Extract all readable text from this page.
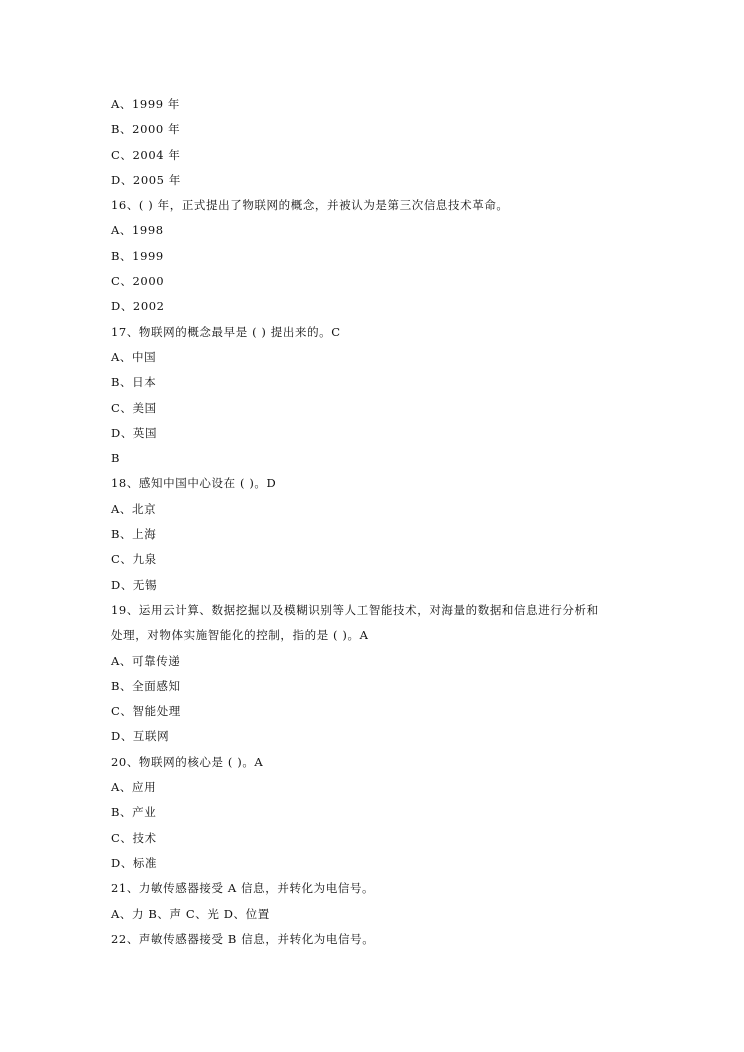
A、1999 年
B、2000 年
C、2004 年
D、2005 年
16、( ) 年，正式提出了物联网的概念，并被认为是第三次信息技术革命。
A、1998
B、1999
C、2000
D、2002
17、物联网的概念最早是 ( ) 提出来的。C
A、中国
B、日本
C、美国
D、英国
B
18、感知中国中心设在 ( )。D
A、北京
B、上海
C、九泉
D、无锡
19、运用云计算、数据挖掘以及模糊识别等人工智能技术，对海量的数据和信息进行分析和
处理，对物体实施智能化的控制，指的是 ( )。A
A、可靠传递
B、全面感知
C、智能处理
D、互联网
20、物联网的核心是 ( )。A
A、应用
B、产业
C、技术
D、标准
21、力敏传感器接受 A 信息，并转化为电信号。
A、力 B、声 C、光 D、位置
22、声敏传感器接受 B 信息，并转化为电信号。
